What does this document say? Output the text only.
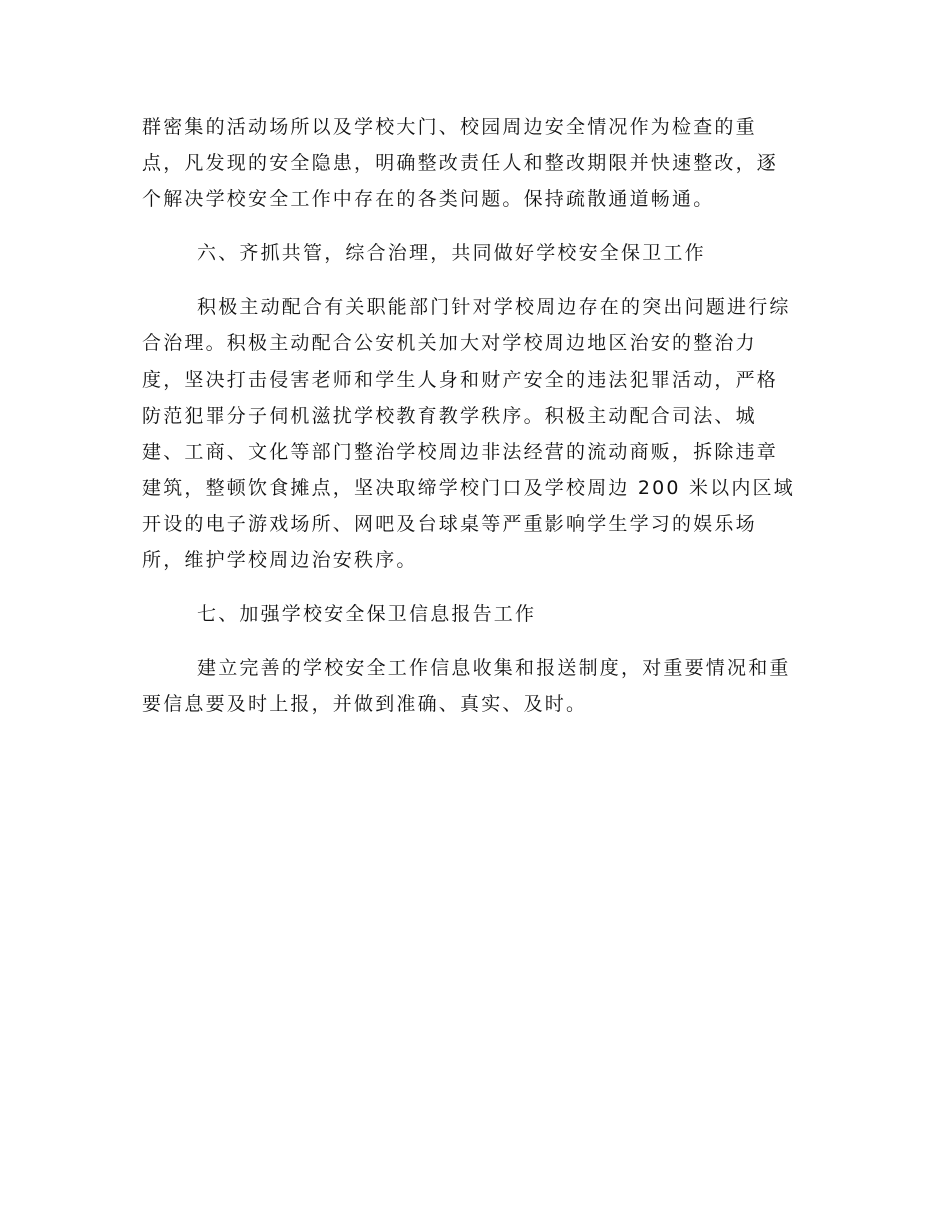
群密集的活动场所以及学校大门、校园周边安全情况作为检查的重
点，凡发现的安全隐患，明确整改责任人和整改期限并快速整改，逐
个解决学校安全工作中存在的各类问题。保持疏散通道畅通。
六、齐抓共管，综合治理，共同做好学校安全保卫工作
积极主动配合有关职能部门针对学校周边存在的突出问题进行综
合治理。积极主动配合公安机关加大对学校周边地区治安的整治力
度，坚决打击侵害老师和学生人身和财产安全的违法犯罪活动，严格
防范犯罪分子伺机滋扰学校教育教学秩序。积极主动配合司法、城
建、工商、文化等部门整治学校周边非法经营的流动商贩，拆除违章
建筑，整顿饮食摊点，坚决取缔学校门口及学校周边 200 米以内区域
开设的电子游戏场所、网吧及台球桌等严重影响学生学习的娱乐场
所，维护学校周边治安秩序。
七、加强学校安全保卫信息报告工作
建立完善的学校安全工作信息收集和报送制度，对重要情况和重
要信息要及时上报，并做到准确、真实、及时。
